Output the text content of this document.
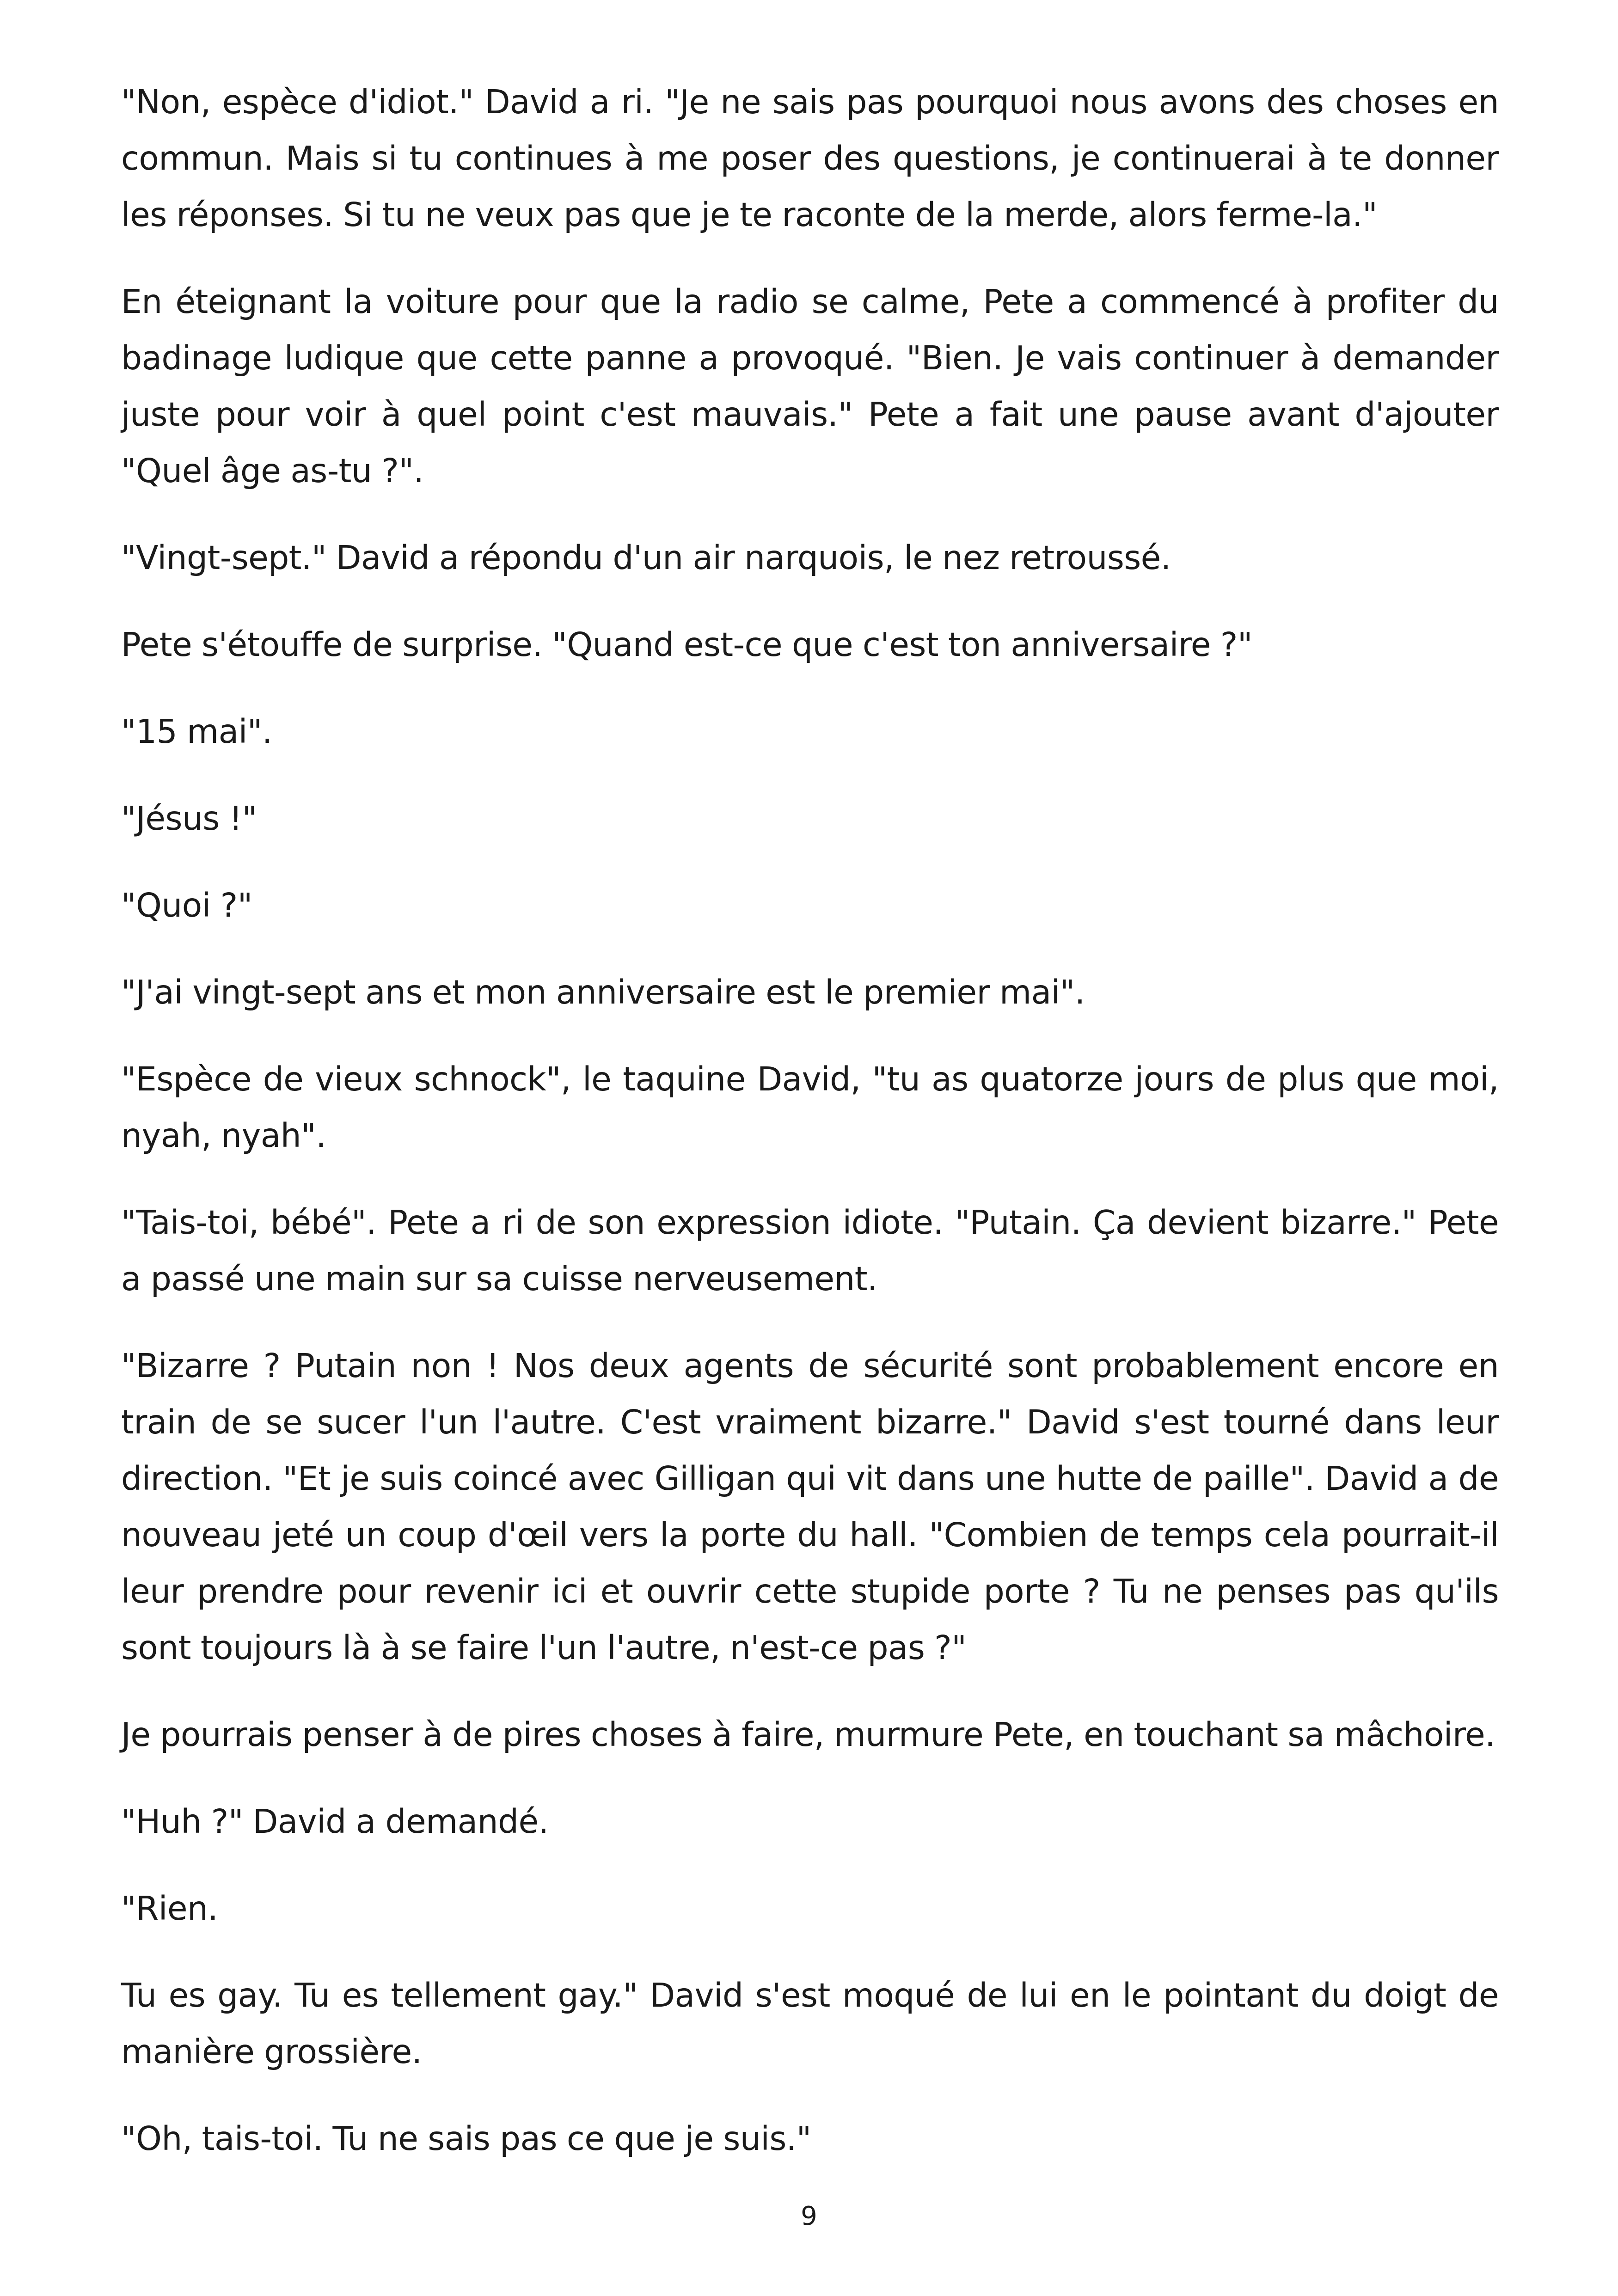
"Non, espèce d'idiot." David a ri. "Je ne sais pas pourquoi nous avons des choses en commun. Mais si tu continues à me poser des questions, je continuerai à te donner les réponses. Si tu ne veux pas que je te raconte de la merde, alors ferme-la."

En éteignant la voiture pour que la radio se calme, Pete a commencé à profiter du badinage ludique que cette panne a provoqué. "Bien. Je vais continuer à demander juste pour voir à quel point c'est mauvais." Pete a fait une pause avant d'ajouter "Quel âge as-tu ?".

"Vingt-sept." David a répondu d'un air narquois, le nez retroussé.

Pete s'étouffe de surprise. "Quand est-ce que c'est ton anniversaire ?"

"15 mai".

"Jésus !"

"Quoi ?"

"J'ai vingt-sept ans et mon anniversaire est le premier mai".

"Espèce de vieux schnock", le taquine David, "tu as quatorze jours de plus que moi, nyah, nyah".

"Tais-toi, bébé". Pete a ri de son expression idiote. "Putain. Ça devient bizarre." Pete a passé une main sur sa cuisse nerveusement.

"Bizarre ? Putain non ! Nos deux agents de sécurité sont probablement encore en train de se sucer l'un l'autre. C'est vraiment bizarre." David s'est tourné dans leur direction. "Et je suis coincé avec Gilligan qui vit dans une hutte de paille". David a de nouveau jeté un coup d'œil vers la porte du hall. "Combien de temps cela pourrait-il leur prendre pour revenir ici et ouvrir cette stupide porte ? Tu ne penses pas qu'ils sont toujours là à se faire l'un l'autre, n'est-ce pas ?"

Je pourrais penser à de pires choses à faire, murmure Pete, en touchant sa mâchoire.

"Huh ?" David a demandé.

"Rien.

Tu es gay. Tu es tellement gay." David s'est moqué de lui en le pointant du doigt de manière grossière.

"Oh, tais-toi. Tu ne sais pas ce que je suis."

9
